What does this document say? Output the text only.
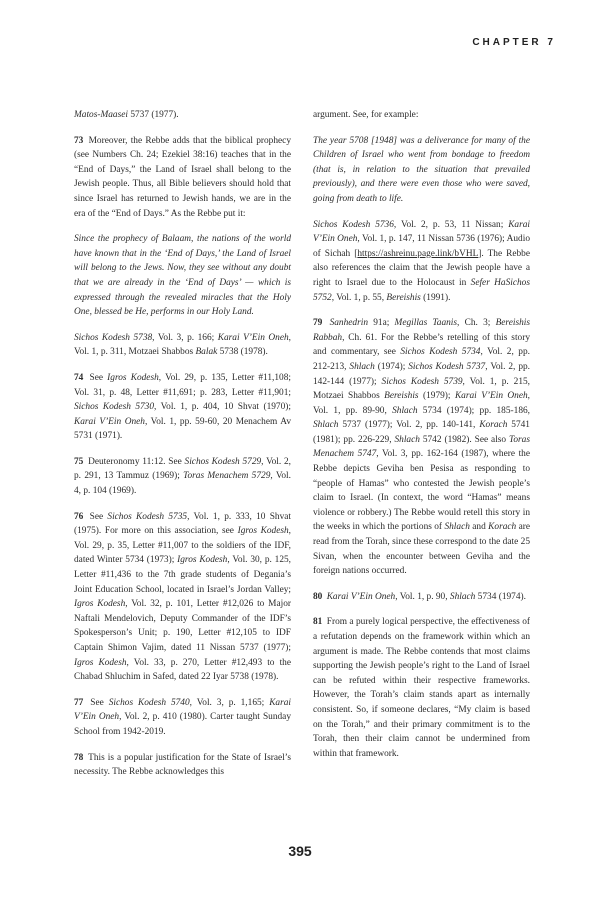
CHAPTER 7

Matos-Maasei 5737 (1977).

73 Moreover, the Rebbe adds that the biblical prophecy (see Numbers Ch. 24; Ezekiel 38:16) teaches that in the “End of Days,” the Land of Israel shall belong to the Jewish people. Thus, all Bible believers should hold that since Israel has returned to Jewish hands, we are in the era of the “End of Days.” As the Rebbe put it:

Since the prophecy of Balaam, the nations of the world have known that in the ‘End of Days,’ the Land of Israel will belong to the Jews. Now, they see without any doubt that we are already in the ‘End of Days’ — which is expressed through the revealed miracles that the Holy One, blessed be He, performs in our Holy Land.

Sichos Kodesh 5738, Vol. 3, p. 166; Karai V’Ein Oneh, Vol. 1, p. 311, Motzaei Shabbos Balak 5738 (1978).

74 See Igros Kodesh, Vol. 29, p. 135, Letter #11,108; Vol. 31, p. 48, Letter #11,691; p. 283, Letter #11,901; Sichos Kodesh 5730, Vol. 1, p. 404, 10 Shvat (1970); Karai V’Ein Oneh, Vol. 1, pp. 59-60, 20 Menachem Av 5731 (1971).

75 Deuteronomy 11:12. See Sichos Kodesh 5729, Vol. 2, p. 291, 13 Tammuz (1969); Toras Menachem 5729, Vol. 4, p. 104 (1969).

76 See Sichos Kodesh 5735, Vol. 1, p. 333, 10 Shvat (1975). For more on this association, see Igros Kodesh, Vol. 29, p. 35, Letter #11,007 to the soldiers of the IDF, dated Winter 5734 (1973); Igros Kodesh, Vol. 30, p. 125, Letter #11,436 to the 7th grade students of Degania’s Joint Education School, located in Israel’s Jordan Valley; Igros Kodesh, Vol. 32, p. 101, Letter #12,026 to Major Naftali Mendelovich, Deputy Commander of the IDF’s Spokesperson’s Unit; p. 190, Letter #12,105 to IDF Captain Shimon Vajim, dated 11 Nissan 5737 (1977); Igros Kodesh, Vol. 33, p. 270, Letter #12,493 to the Chabad Shluchim in Safed, dated 22 Iyar 5738 (1978).

77 See Sichos Kodesh 5740, Vol. 3, p. 1,165; Karai V’Ein Oneh, Vol. 2, p. 410 (1980). Carter taught Sunday School from 1942-2019.

78 This is a popular justification for the State of Israel’s necessity. The Rebbe acknowledges this

argument. See, for example:

The year 5708 [1948] was a deliverance for many of the Children of Israel who went from bondage to freedom (that is, in relation to the situation that prevailed previously), and there were even those who were saved, going from death to life.

Sichos Kodesh 5736, Vol. 2, p. 53, 11 Nissan; Karai V’Ein Oneh, Vol. 1, p. 147, 11 Nissan 5736 (1976); Audio of Sichah [https://ashreinu.page.link/bVHL]. The Rebbe also references the claim that the Jewish people have a right to Israel due to the Holocaust in Sefer HaSichos 5752, Vol. 1, p. 55, Bereishis (1991).

79 Sanhedrin 91a; Megillas Taanis, Ch. 3; Bereishis Rabbah, Ch. 61. For the Rebbe’s retelling of this story and commentary, see Sichos Kodesh 5734, Vol. 2, pp. 212-213, Shlach (1974); Sichos Kodesh 5737, Vol. 2, pp. 142-144 (1977); Sichos Kodesh 5739, Vol. 1, p. 215, Motzaei Shabbos Bereishis (1979); Karai V’Ein Oneh, Vol. 1, pp. 89-90, Shlach 5734 (1974); pp. 185-186, Shlach 5737 (1977); Vol. 2, pp. 140-141, Korach 5741 (1981); pp. 226-229, Shlach 5742 (1982). See also Toras Menachem 5747, Vol. 3, pp. 162-164 (1987), where the Rebbe depicts Geviha ben Pesisa as responding to “people of Hamas” who contested the Jewish people’s claim to Israel. (In context, the word “Hamas” means violence or robbery.) The Rebbe would retell this story in the weeks in which the portions of Shlach and Korach are read from the Torah, since these correspond to the date 25 Sivan, when the encounter between Geviha and the foreign nations occurred.

80 Karai V’Ein Oneh, Vol. 1, p. 90, Shlach 5734 (1974).

81 From a purely logical perspective, the effectiveness of a refutation depends on the framework within which an argument is made. The Rebbe contends that most claims supporting the Jewish people’s right to the Land of Israel can be refuted within their respective frameworks. However, the Torah’s claim stands apart as internally consistent. So, if someone declares, “My claim is based on the Torah,” and their primary commitment is to the Torah, then their claim cannot be undermined from within that framework.

395
